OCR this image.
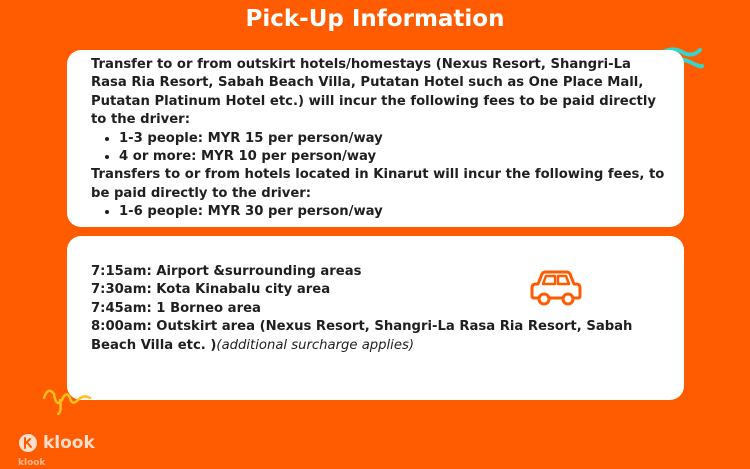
Pick-Up Information

Transfer to or from outskirt hotels/homestays (Nexus Resort, Shangri-La Rasa Ria Resort, Sabah Beach Villa, Putatan Hotel such as One Place Mall, Putatan Platinum Hotel etc.) will incur the following fees to be paid directly to the driver:

• 1-3 people: MYR 15 per person/way
• 4 or more: MYR 10 per person/way

Transfers to or from hotels located in Kinarut will incur the following fees, to be paid directly to the driver:

• 1-6 people: MYR 30 per person/way

7:15am: Airport &surrounding areas

7:30am: Kota Kinabalu city area

7:45am: 1 Borneo area

8:00am: Outskirt area (Nexus Resort, Shangri-La Rasa Ria Resort, Sabah Beach Villa etc. )(additional surcharge applies)

klook
klook
